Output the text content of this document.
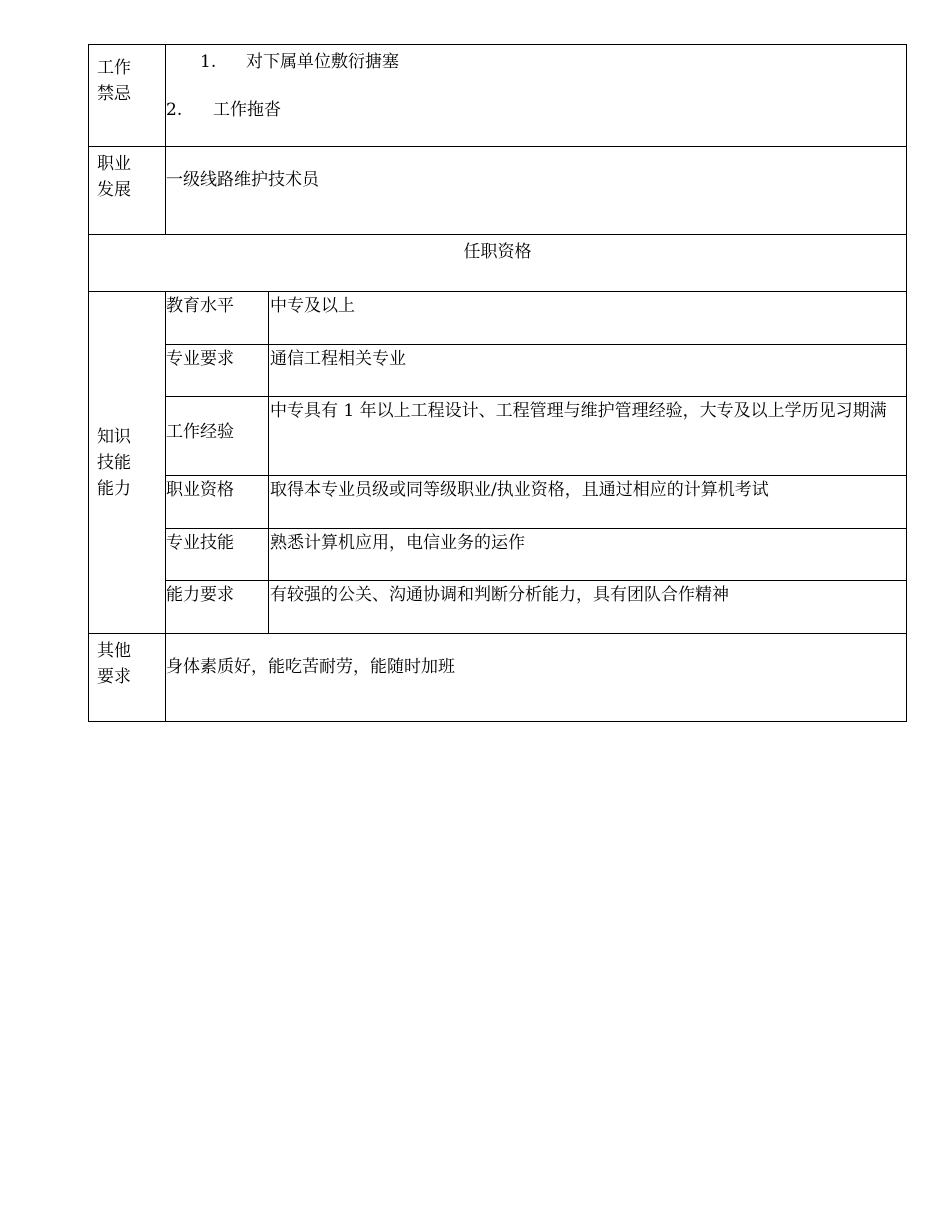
工作禁忌	1. 对下属单位敷衍搪塞
2. 工作拖沓	

职业发展	一级线路维护技术员	
任职资格		

知识技能能力	教育水平	中专及以上
	专业要求	通信工程相关专业
	工作经验	中专具有 1 年以上工程设计、工程管理与维护管理经验，大专及以上学历见习期满
	职业资格	取得本专业员级或同等级职业/执业资格，且通过相应的计算机考试
	专业技能	熟悉计算机应用，电信业务的运作
	能力要求	有较强的公关、沟通协调和判断分析能力，具有团队合作精神

其他要求	身体素质好，能吃苦耐劳，能随时加班	
